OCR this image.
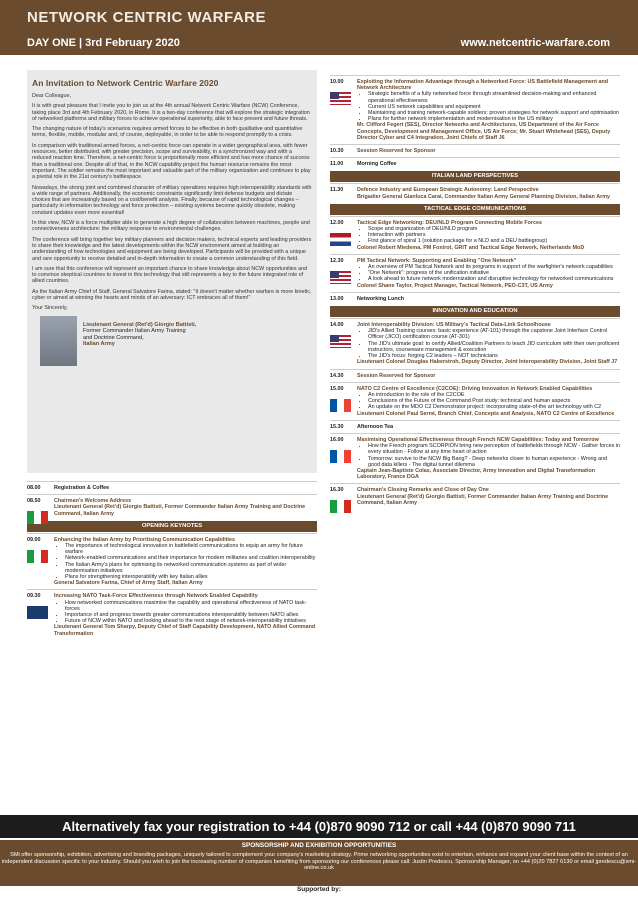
NETWORK CENTRIC WARFARE
DAY ONE | 3rd February 2020	www.netcentric-warfare.com
An Invitation to Network Centric Warfare 2020

Dear Colleague,

It is with great pleasure that I invite you to join us at the 4th annual Network Centric Warfare (NCW) Conference, taking place 3rd and 4th February 2020, in Rome. It is a two-day conference that will explore the strategic integration of networked platforms and military forces to achieve operational superiority, able to face present and future threats.

The changing nature of today's scenarios requires armed forces to be effective in both qualitative and quantitative terms, flexible, mobile, modular and, of course, deployable, in order to be able to respond promptly to a crisis.

In comparison with traditional armed forces, a net-centric force can operate in a wider geographical area, with fewer resources, better distributed, with greater precision, scope and survivability, in a synchronized way and with a reduced reaction time. Therefore, a net-centric force is proportionally more efficient and has more chance of success than a traditional one. Despite all of that, in the NCW capability project the human resource remains the most important. The soldier remains the most important and valuable part of the military organization and continues to play a pivotal role in the 21st century's battlespace.

Nowadays, the strong joint and combined character of military operations requires high interoperability standards with a wide range of partners. Additionally, the economic constraints significantly limit defense budgets and dictate choices that are increasingly based on a cost/benefit analysis. Finally, because of rapid technological changes – particularly in information technology and force protection – existing systems become quickly obsolete, making constant updates even more essential!

In this view, NCW is a force multiplier able to generate a high degree of collaboration between machines, people and connectiveness architecture: the military response to environmental challenges.

The conference will bring together key military planners and decision makers, technical experts and leading providers to share their knowledge and the latest developments within the NCW environment aimed at building an understanding of how technologies and equipment are being developed. Participants will be provided with a unique and rare opportunity to receive detailed and in-depth information to create a common understanding of this field.

I am sure that this conference will represent an important chance to share knowledge about NCW opportunities and to convince skeptical countries to invest in this technology that still represents a key to the future integrated role of allied countries.

As the Italian Army Chief of Staff, General Salvatore Farina, stated: "It doesn't matter whether warfare is more kinetic, cyber or aimed at winning the hearts and minds of an adversary: ICT embraces all of them!"

Your Sincerely,

Lieutenant General (Ret'd) Giorgio Battisti,
Former Commander Italian Army Training
and Doctrine Command,
Italian Army
08.00	Registration & Coffee
08.50	Chairman's Welcome Address
Lieutenant General (Ret'd) Giorgio Battisti, Former Commander Italian Army Training and Doctrine Command, Italian Army
OPENING KEYNOTES
09.00	Enhancing the Italian Army by Prioritising Communication Capabilities
• The importance of technological innovation in battlefield communications to equip an army for future warfare
• Network-enabled communications and their importance for modern militaries and coalition interoperability
• The Italian Army's plans for optimising its networked communication systems as part of wider modernisation initiatives
• Plans for strengthening interoperability with key Italian allies
General Salvatore Farina, Chief of Army Staff, Italian Army
09.30	Increasing NATO Task-Force Effectiveness through Network Enabled Capability
• How networked communications maximise the capability and operational effectiveness of NATO task-forces
• Importance of and progress towards greater communications interoperability between NATO allies
• Future of NCW within NATO and looking ahead to the next stage of network-interoperability initiatives
Lieutenant General Tom Sharpy, Deputy Chief of Staff Capability Development, NATO Allied Command Transformation
10.00	Exploiting the Information Advantage through a Networked Force: US Battlefield Management and Network Architecture
• Strategic benefits of a fully networked force through streamlined decision-making and enhanced operational effectiveness
• Current US network capabilities and equipment
• Maintaining and training network-capable soldiers: proven strategies for network support and optimisation
• Plans for further network implementation and modernisation in the US military
Mr. Clifford Fegert (SES), Director Networks and Architectures, US Department of the Air Force Concepts, Development and Management Office, US Air Force; Mr. Stuart Whitehead (SES), Deputy Director Cyber and C4 Integration, Joint Chiefs of Staff J6
10.30	Session Reserved for Sponsor
11.00	Morning Coffee
ITALIAN LAND PERSPECTIVES
11.30	Defence Industry and European Strategic Autonomy: Land Perspective
Brigadier General Gianluca Carai, Commander Italian Army General Planning Division, Italian Army
TACTICAL EDGE COMMUNICATIONS
12.00	Tactical Edge Networking: DEU/NLD Program Connecting Mobile Forces
• Scope and organization of DEU/NLD program
• Interaction with partners
• First glance of spiral 1 (solution package for a NLD and a DEU battlegroup)
Colonel Robert Miedema, PM Foxtrot, GRIT and Tactical Edge Network, Netherlands MoD
12.30	PM Tactical Network: Supporting and Enabling "One Network"
• An overview of PM Tactical Network and its programs in support of the warfighter's network capabilities
• "One Network": progress of the unification initiative
• A look ahead to future network modernization and disruptive technology for networked communications
Colonel Shane Taylor, Project Manager, Tactical Network, PEO-C3T, US Army
13.00	Networking Lunch
INNOVATION AND EDUCATION
14.00	Joint Interoperability Division: US Military's Tactical Data-Link Schoolhouse
• JID's Allied Training courses: basic experience (AT-101) through the capstone Joint Interface Control Officer (JICO) certification course (AT-301)
• The JID's ultimate goal: to certify Allied/Coalition Partners to teach JID curriculum with their own proficient instructors, courseware management & execution
• The JID's focus: forging C2 leaders – NOT technicians
Lieutenant Colonel Douglas Haberstroh, Deputy Director, Joint Interoperability Division, Joint Staff J7
14.30	Session Reserved for Sponsor
15.00	NATO C2 Centre of Excellence (C2COE): Driving Innovation in Network Enabled Capabilities
• An introduction to the role of the C2COE
• Conclusions of the Future of the Command Post study: technical and human aspects
• An update on the MDO C2 Demonstrator project: incorporating state-of-the art technology with C2
Lieutenant Colonel Paul Serné, Branch Chief, Concepts and Analysis, NATO C2 Centre of Excellence
15.30	Afternoon Tea
16.00	Maximising Operational Effectiveness through French NCW Capabilities: Today and Tomorrow
• How the French program SCORPION bring new perception of battlefields through NCW - Gather forces in every situation - Follow at any time heart of action
• Tomorrow: survive to the NCW Big Bang? - Deep networks closer to human experience - Wrong and good data killers - The digital tunnel dilemma
Captain Jean-Baptiste Colas, Associate Director, Army Innovation and Digital Transformation Laboratory, France DGA
16.30	Chairman's Closing Remarks and Close of Day One
Lieutenant General (Ret'd) Giorgio Battisti, Former Commander Italian Army Training and Doctrine Command, Italian Army
Alternatively fax your registration to +44 (0)870 9090 712 or call +44 (0)870 9090 711
SPONSORSHIP AND EXHIBITION OPPORTUNITIES
SMi offer sponsorship, exhibition, advertising and branding packages, uniquely tailored to complement your company's marketing strategy. Prime networking opportunities exist to entertain, enhance and expand your client base within the context of an independent discussion specific to your industry. Should you wish to join the increasing number of companies benefiting from sponsoring our conferences please call: Justin Predescu, Sponsorship Manager, on +44 (0)20 7827 6130 or email jpredescu@smi-online.co.uk
Supported by:
